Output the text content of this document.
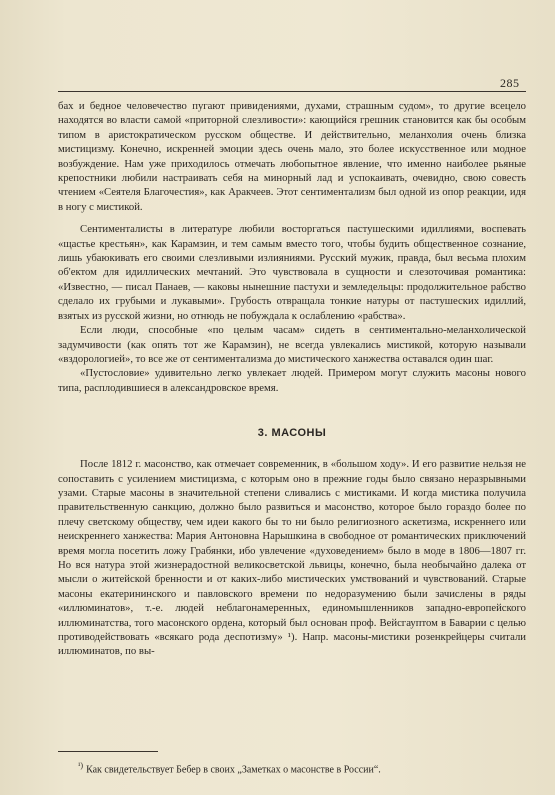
285

бах и бедное человечество пугают привидениями, духами, страшным судом», то другие всецело находятся во власти самой «приторной слезливости»: кающийся грешник становится как бы особым типом в аристократическом русском обществе. И действительно, меланхолия очень близка мистицизму. Конечно, искренней эмоции здесь очень мало, это более искусственное или модное возбуждение. Нам уже приходилось отмечать любопытное явление, что именно наиболее рьяные крепостники любили настраивать себя на минорный лад и успокаивать, очевидно, свою совесть чтением «Сеятеля Благочестия», как Аракчеев. Этот сентиментализм был одной из опор реакции, идя в ногу с мистикой.

Сентименталисты в литературе любили восторгаться пастушескими идиллиями, воспевать «щастье крестьян», как Карамзин, и тем самым вместо того, чтобы будить общественное сознание, лишь убаюкивать его своими слезливыми излияниями. Русский мужик, правда, был весьма плохим об'ектом для идиллических мечтаний. Это чувствовала в сущности и слезоточивая романтика: «Известно, — писал Панаев, — каковы нынешние пастухи и земледельцы: продолжительное рабство сделало их грубыми и лукавыми». Грубость отвращала тонкие натуры от пастушеских идиллий, взятых из русской жизни, но отнюдь не побуждала к ослаблению «рабства».

Если люди, способные «по целым часам» сидеть в сентиментально-меланхолической задумчивости (как опять тот же Карамзин), не всегда увлекались мистикой, которую называли «вздорологией», то все же от сентиментализма до мистического ханжества оставался один шаг.

«Пустословие» удивительно легко увлекает людей. Примером могут служить масоны нового типа, расплодившиеся в александровское время.

3. МАСОНЫ

После 1812 г. масонство, как отмечает современник, в «большом ходу». И его развитие нельзя не сопоставить с усилением мистицизма, с которым оно в прежние годы было связано неразрывными узами. Старые масоны в значительной степени сливались с мистиками. И когда мистика получила правительственную санкцию, должно было развиться и масонство, которое было гораздо более по плечу светскому обществу, чем идеи какого бы то ни было религиозного аскетизма, искреннего или неискреннего ханжества: Мария Антоновна Нарышкина в свободное от романтических приключений время могла посетить ложу Грабянки, ибо увлечение «духоведением» было в моде в 1806—1807 гг. Но вся натура этой жизнерадостной великосветской львицы, конечно, была необычайно далека от мысли о житейской бренности и от каких-либо мистических умствований и чувствований. Старые масоны екатерининского и павловского времени по недоразумению были зачислены в ряды «иллюминатов», т.-е. людей неблагонамеренных, единомышленников западно-европейского иллюминатства, того масонского ордена, который был основан проф. Вейсгауптом в Баварии с целью противодействовать «всякаго рода деспотизму» ¹). Напр. масоны-мистики розенкрейцеры считали иллюминатов, по вы-

$^{^1)}$ Как свидетельствует Бебер в своих „Заметках о масонстве в России“.
